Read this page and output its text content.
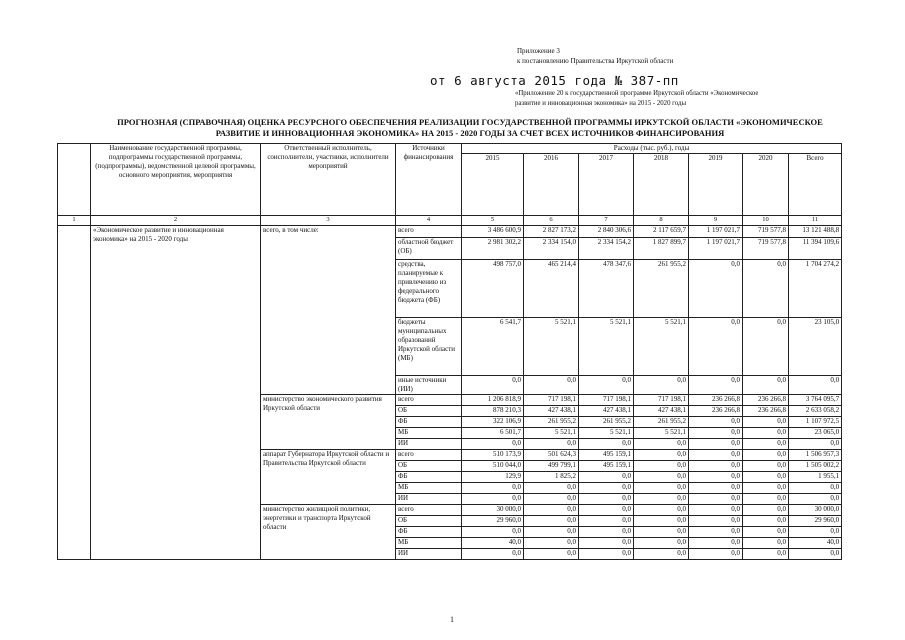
Приложение 3
к постановлению Правительства Иркутской области
от 6 августа 2015 года № 387-пп
«Приложение 20 к государственной программе Иркутской области «Экономическое развитие и инновационная экономика» на 2015 - 2020 годы
ПРОГНОЗНАЯ (СПРАВОЧНАЯ) ОЦЕНКА РЕСУРСНОГО ОБЕСПЕЧЕНИЯ РЕАЛИЗАЦИИ ГОСУДАРСТВЕННОЙ ПРОГРАММЫ ИРКУТСКОЙ ОБЛАСТИ «ЭКОНОМИЧЕСКОЕ РАЗВИТИЕ И ИННОВАЦИОННАЯ ЭКОНОМИКА» НА 2015 - 2020 ГОДЫ ЗА СЧЕТ ВСЕХ ИСТОЧНИКОВ ФИНАНСИРОВАНИЯ
	Наименование государственной программы, подпрограммы государственной программы, (подпрограммы), ведомственной целевой программы, основного мероприятия, мероприятия	Ответственный исполнитель, соисполнители, участники, исполнители мероприятий	Источники финансирования	Расходы (тыс. руб.), годы						
				2015	2016	2017	2018	2019	2020	Всего
1	2	3	4	5	6	7	8	9	10	11
	«Экономическое развитие и инновационная экономика» на 2015 - 2020 годы	всего, в том числе:	всего	3 486 600,9	2 827 173,2	2 840 306,6	2 117 659,7	1 197 021,7	719 577,8	13 121 488,8
			областной бюджет (ОБ)	2 981 302,2	2 334 154,0	2 334 154,2	1 827 899,7	1 197 021,7	719 577,8	11 394 109,6
			средства, планируемые к привлечению из федерального бюджета (ФБ)	498 757,0	465 214,4	478 347,6	261 955,2	0,0	0,0	1 704 274,2
			бюджеты муниципальных образований Иркутской области (МБ)	6 541,7	5 521,1	5 521,1	5 521,1	0,0	0,0	23 105,0
			иные источники (ИИ)	0,0	0,0	0,0	0,0	0,0	0,0	0,0
		министерство экономического развития Иркутской области	всего	1 206 818,9	717 198,1	717 198,1	717 198,1	236 266,8	236 266,8	3 764 095,7
			ОБ	878 210,3	427 438,1	427 438,1	427 438,1	236 266,8	236 266,8	2 633 058,2
			ФБ	322 106,9	261 955,2	261 955,2	261 955,2	0,0	0,0	1 107 972,5
			МБ	6 501,7	5 521,1	5 521,1	5 521,1	0,0	0,0	23 065,0
			ИИ	0,0	0,0	0,0	0,0	0,0	0,0	0,0
		аппарат Губернатора Иркутской области и Правительства Иркутской области	всего	510 173,9	501 624,3	495 159,1	0,0	0,0	0,0	1 506 957,3
			ОБ	510 044,0	499 799,1	495 159,1	0,0	0,0	0,0	1 505 002,2
			ФБ	129,9	1 825,2	0,0	0,0	0,0	0,0	1 955,1
			МБ	0,0	0,0	0,0	0,0	0,0	0,0	0,0
			ИИ	0,0	0,0	0,0	0,0	0,0	0,0	0,0
		министерство жилищной политики, энергетики и транспорта Иркутской области	всего	30 000,0	0,0	0,0	0,0	0,0	0,0	30 000,0
			ОБ	29 960,0	0,0	0,0	0,0	0,0	0,0	29 960,0
			ФБ	0,0	0,0	0,0	0,0	0,0	0,0	0,0
			МБ	40,0	0,0	0,0	0,0	0,0	0,0	40,0
			ИИ	0,0	0,0	0,0	0,0	0,0	0,0	0,0
1
